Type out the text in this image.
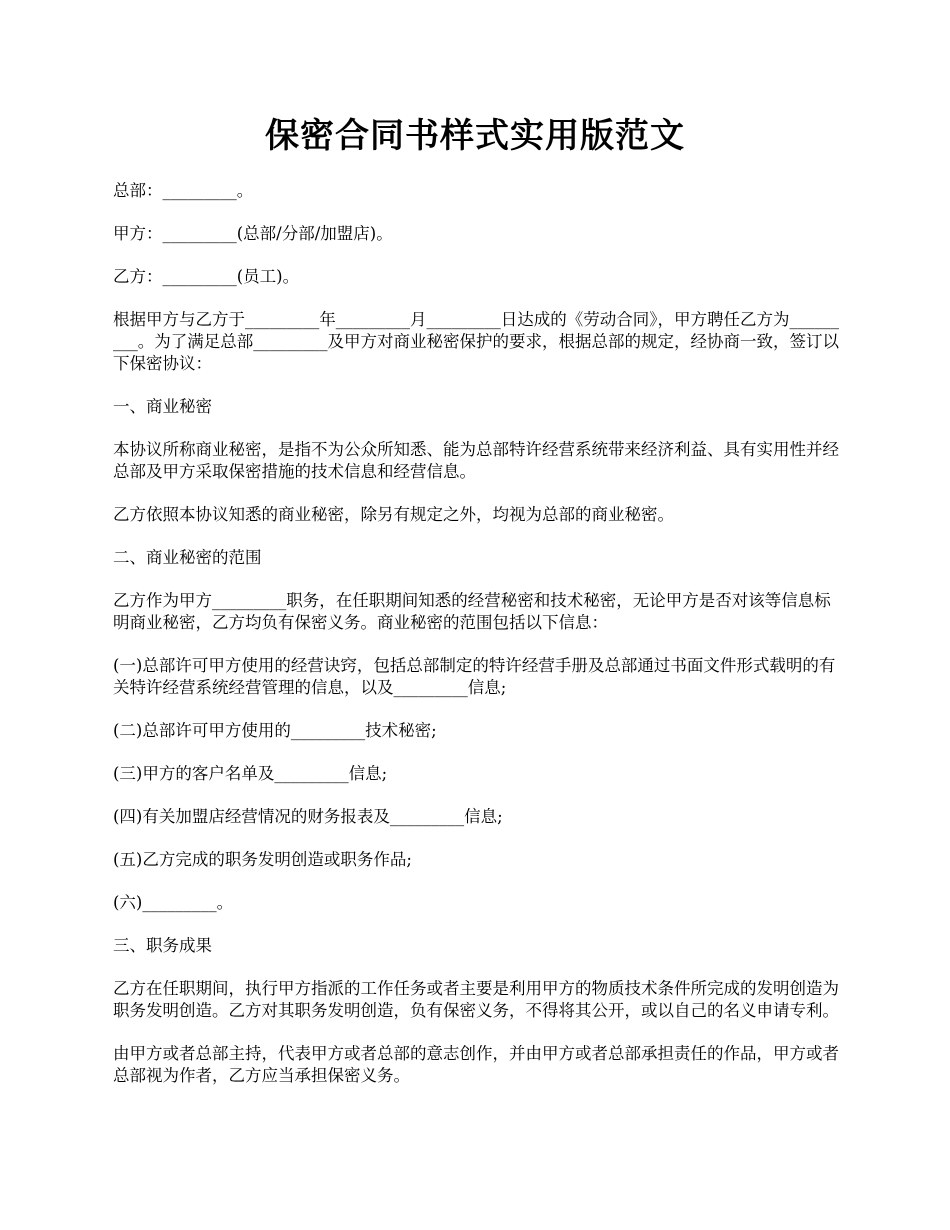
保密合同书样式实用版范文

总部：_________。

甲方：_________(总部/分部/加盟店)。

乙方：_________(员工)。

根据甲方与乙方于_________年_________月_________日达成的《劳动合同》，甲方聘任乙方为_________。为了满足总部_________及甲方对商业秘密保护的要求，根据总部的规定，经协商一致，签订以下保密协议：

一、商业秘密

本协议所称商业秘密，是指不为公众所知悉、能为总部特许经营系统带来经济利益、具有实用性并经总部及甲方采取保密措施的技术信息和经营信息。

乙方依照本协议知悉的商业秘密，除另有规定之外，均视为总部的商业秘密。

二、商业秘密的范围

乙方作为甲方_________职务，在任职期间知悉的经营秘密和技术秘密，无论甲方是否对该等信息标明商业秘密，乙方均负有保密义务。商业秘密的范围包括以下信息：

(一)总部许可甲方使用的经营诀窍，包括总部制定的特许经营手册及总部通过书面文件形式载明的有关特许经营系统经营管理的信息，以及_________信息;

(二)总部许可甲方使用的_________技术秘密;

(三)甲方的客户名单及_________信息;

(四)有关加盟店经营情况的财务报表及_________信息;

(五)乙方完成的职务发明创造或职务作品;

(六)_________。

三、职务成果

乙方在任职期间，执行甲方指派的工作任务或者主要是利用甲方的物质技术条件所完成的发明创造为职务发明创造。乙方对其职务发明创造，负有保密义务，不得将其公开，或以自己的名义申请专利。

由甲方或者总部主持，代表甲方或者总部的意志创作，并由甲方或者总部承担责任的作品，甲方或者总部视为作者，乙方应当承担保密义务。
